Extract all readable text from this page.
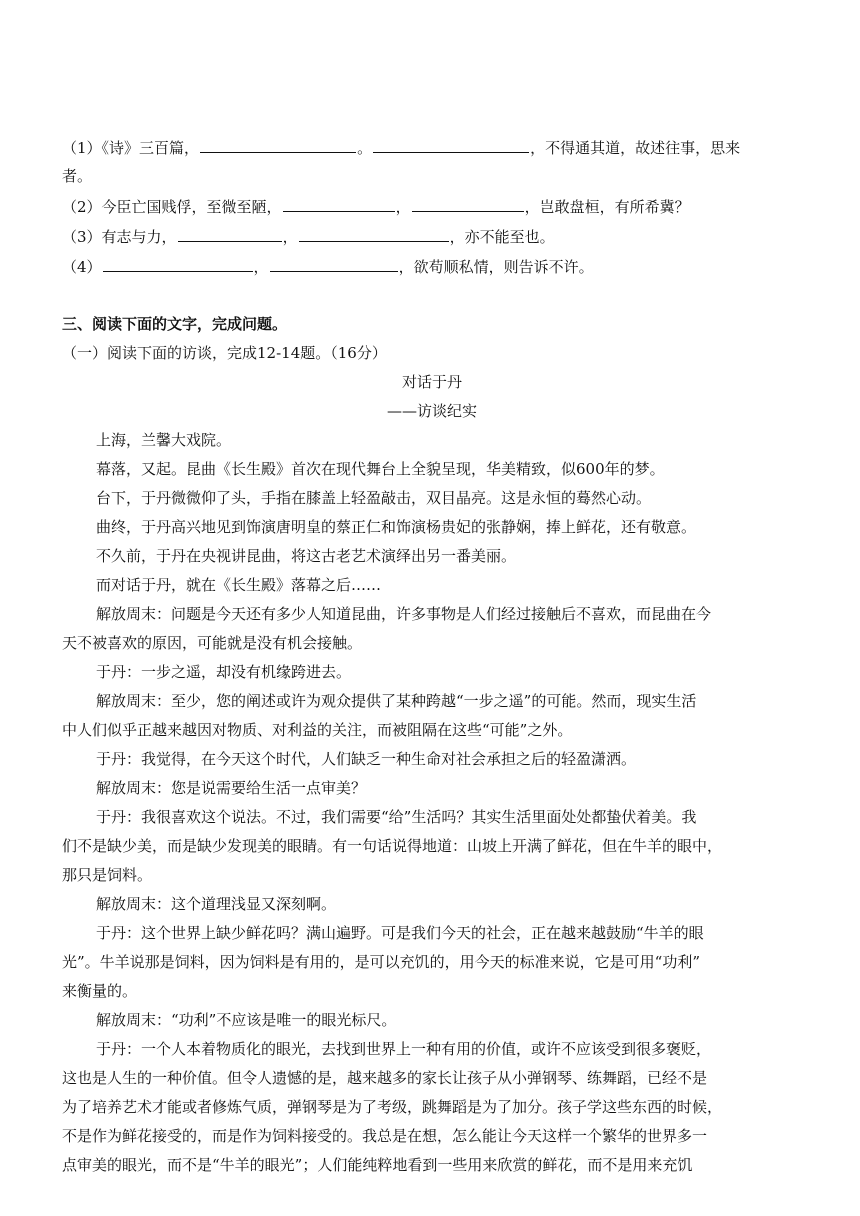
（1）《诗》三百篇，	。	，不得通其道，故述往事，思来
者。
（2）今臣亡国贱俘，至微至陋，	，	，岂敢盘桓，有所希冀？
（3）有志与力，	，	，亦不能至也。
（4）	，	，欲苟顺私情，则告诉不许。
三、阅读下面的文字，完成问题。
（一）阅读下面的访谈，完成12-14题。（16分）
对话于丹
——访谈纪实
上海，兰馨大戏院。
幕落，又起。昆曲《长生殿》首次在现代舞台上全貌呈现，华美精致，似600年的梦。
台下，于丹微微仰了头，手指在膝盖上轻盈敲击，双目晶亮。这是永恒的蓦然心动。
曲终，于丹高兴地见到饰演唐明皇的蔡正仁和饰演杨贵妃的张静娴，捧上鲜花，还有敬意。
不久前，于丹在央视讲昆曲，将这古老艺术演绎出另一番美丽。
而对话于丹，就在《长生殿》落幕之后……
解放周末：问题是今天还有多少人知道昆曲，许多事物是人们经过接触后不喜欢，而昆曲在今
天不被喜欢的原因，可能就是没有机会接触。
于丹：一步之遥，却没有机缘跨进去。
解放周末：至少，您的阐述或许为观众提供了某种跨越“一步之遥”的可能。然而，现实生活
中人们似乎正越来越因对物质、对利益的关注，而被阻隔在这些“可能”之外。
于丹：我觉得，在今天这个时代，人们缺乏一种生命对社会承担之后的轻盈潇洒。
解放周末：您是说需要给生活一点审美？
于丹：我很喜欢这个说法。不过，我们需要“给”生活吗？其实生活里面处处都蛰伏着美。我
们不是缺少美，而是缺少发现美的眼睛。有一句话说得地道：山坡上开满了鲜花，但在牛羊的眼中，
那只是饲料。
解放周末：这个道理浅显又深刻啊。
于丹：这个世界上缺少鲜花吗？满山遍野。可是我们今天的社会，正在越来越鼓励“牛羊的眼
光”。牛羊说那是饲料，因为饲料是有用的，是可以充饥的，用今天的标准来说，它是可用“功利”
来衡量的。
解放周末：“功利”不应该是唯一的眼光标尺。
于丹：一个人本着物质化的眼光，去找到世界上一种有用的价值，或许不应该受到很多褒贬，
这也是人生的一种价值。但令人遗憾的是，越来越多的家长让孩子从小弹钢琴、练舞蹈，已经不是
为了培养艺术才能或者修炼气质，弹钢琴是为了考级，跳舞蹈是为了加分。孩子学这些东西的时候，
不是作为鲜花接受的，而是作为饲料接受的。我总是在想，怎么能让今天这样一个繁华的世界多一
点审美的眼光，而不是“牛羊的眼光”；人们能纯粹地看到一些用来欣赏的鲜花，而不是用来充饥
